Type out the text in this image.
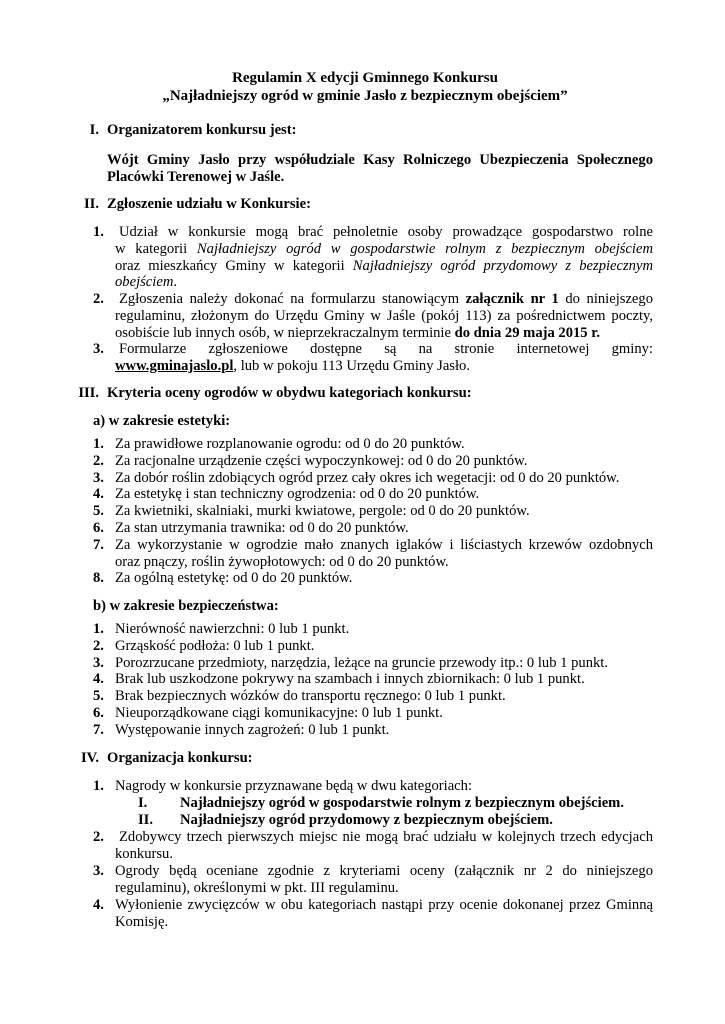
Regulamin X edycji Gminnego Konkursu
„Najładniejszy ogród w gminie Jasło z bezpiecznym obejściem”
I. Organizatorem konkursu jest:
Wójt Gminy Jasło przy współudziale Kasy Rolniczego Ubezpieczenia Społecznego
Placówki Terenowej w Jaśle.
II. Zgłoszenie udziału w Konkursie:
1. Udział w konkursie mogą brać pełnoletnie osoby prowadzące gospodarstwo rolne
w kategorii Najładniejszy ogród w gospodarstwie rolnym z bezpiecznym obejściem
oraz mieszkańcy Gminy w kategorii Najładniejszy ogród przydomowy z bezpiecznym
obejściem.
2. Zgłoszenia należy dokonać na formularzu stanowiącym załącznik nr 1 do niniejszego
regulaminu, złożonym do Urzędu Gminy w Jaśle (pokój 113) za pośrednictwem poczty,
osobiście lub innych osób, w nieprzekraczalnym terminie do dnia 29 maja 2015 r.
3. Formularze zgłoszeniowe dostępne są na stronie internetowej gminy:
www.gminajaslo.pl, lub w pokoju 113 Urzędu Gminy Jasło.
III. Kryteria oceny ogrodów w obydwu kategoriach konkursu:
a) w zakresie estetyki:
1. Za prawidłowe rozplanowanie ogrodu: od 0 do 20 punktów.
2. Za racjonalne urządzenie części wypoczynkowej: od 0 do 20 punktów.
3. Za dobór roślin zdobiących ogród przez cały okres ich wegetacji: od 0 do 20 punktów.
4. Za estetykę i stan techniczny ogrodzenia: od 0 do 20 punktów.
5. Za kwietniki, skalniaki, murki kwiatowe, pergole: od 0 do 20 punktów.
6. Za stan utrzymania trawnika: od 0 do 20 punktów.
7. Za wykorzystanie w ogrodzie mało znanych iglaków i liściastych krzewów ozdobnych
oraz pnączy, roślin żywopłotowych: od 0 do 20 punktów.
8. Za ogólną estetykę: od 0 do 20 punktów.
b) w zakresie bezpieczeństwa:
1. Nierówność nawierzchni: 0 lub 1 punkt.
2. Grząskość podłoża: 0 lub 1 punkt.
3. Porozrzucane przedmioty, narzędzia, leżące na gruncie przewody itp.: 0 lub 1 punkt.
4. Brak lub uszkodzone pokrywy na szambach i innych zbiornikach: 0 lub 1 punkt.
5. Brak bezpiecznych wózków do transportu ręcznego: 0 lub 1 punkt.
6. Nieuporządkowane ciągi komunikacyjne: 0 lub 1 punkt.
7. Występowanie innych zagrożeń: 0 lub 1 punkt.
IV. Organizacja konkursu:
1. Nagrody w konkursie przyznawane będą w dwu kategoriach:
I. Najładniejszy ogród w gospodarstwie rolnym z bezpiecznym obejściem.
II. Najładniejszy ogród przydomowy z bezpiecznym obejściem.
2.	Zdobywcy trzech pierwszych miejsc nie mogą brać udziału w kolejnych trzech edycjach
konkursu.
3. Ogrody będą oceniane zgodnie z kryteriami oceny (załącznik nr 2 do niniejszego
regulaminu), określonymi w pkt. III regulaminu.
4. Wyłonienie zwycięzców w obu kategoriach nastąpi przy ocenie dokonanej przez Gminną
Komisję.
